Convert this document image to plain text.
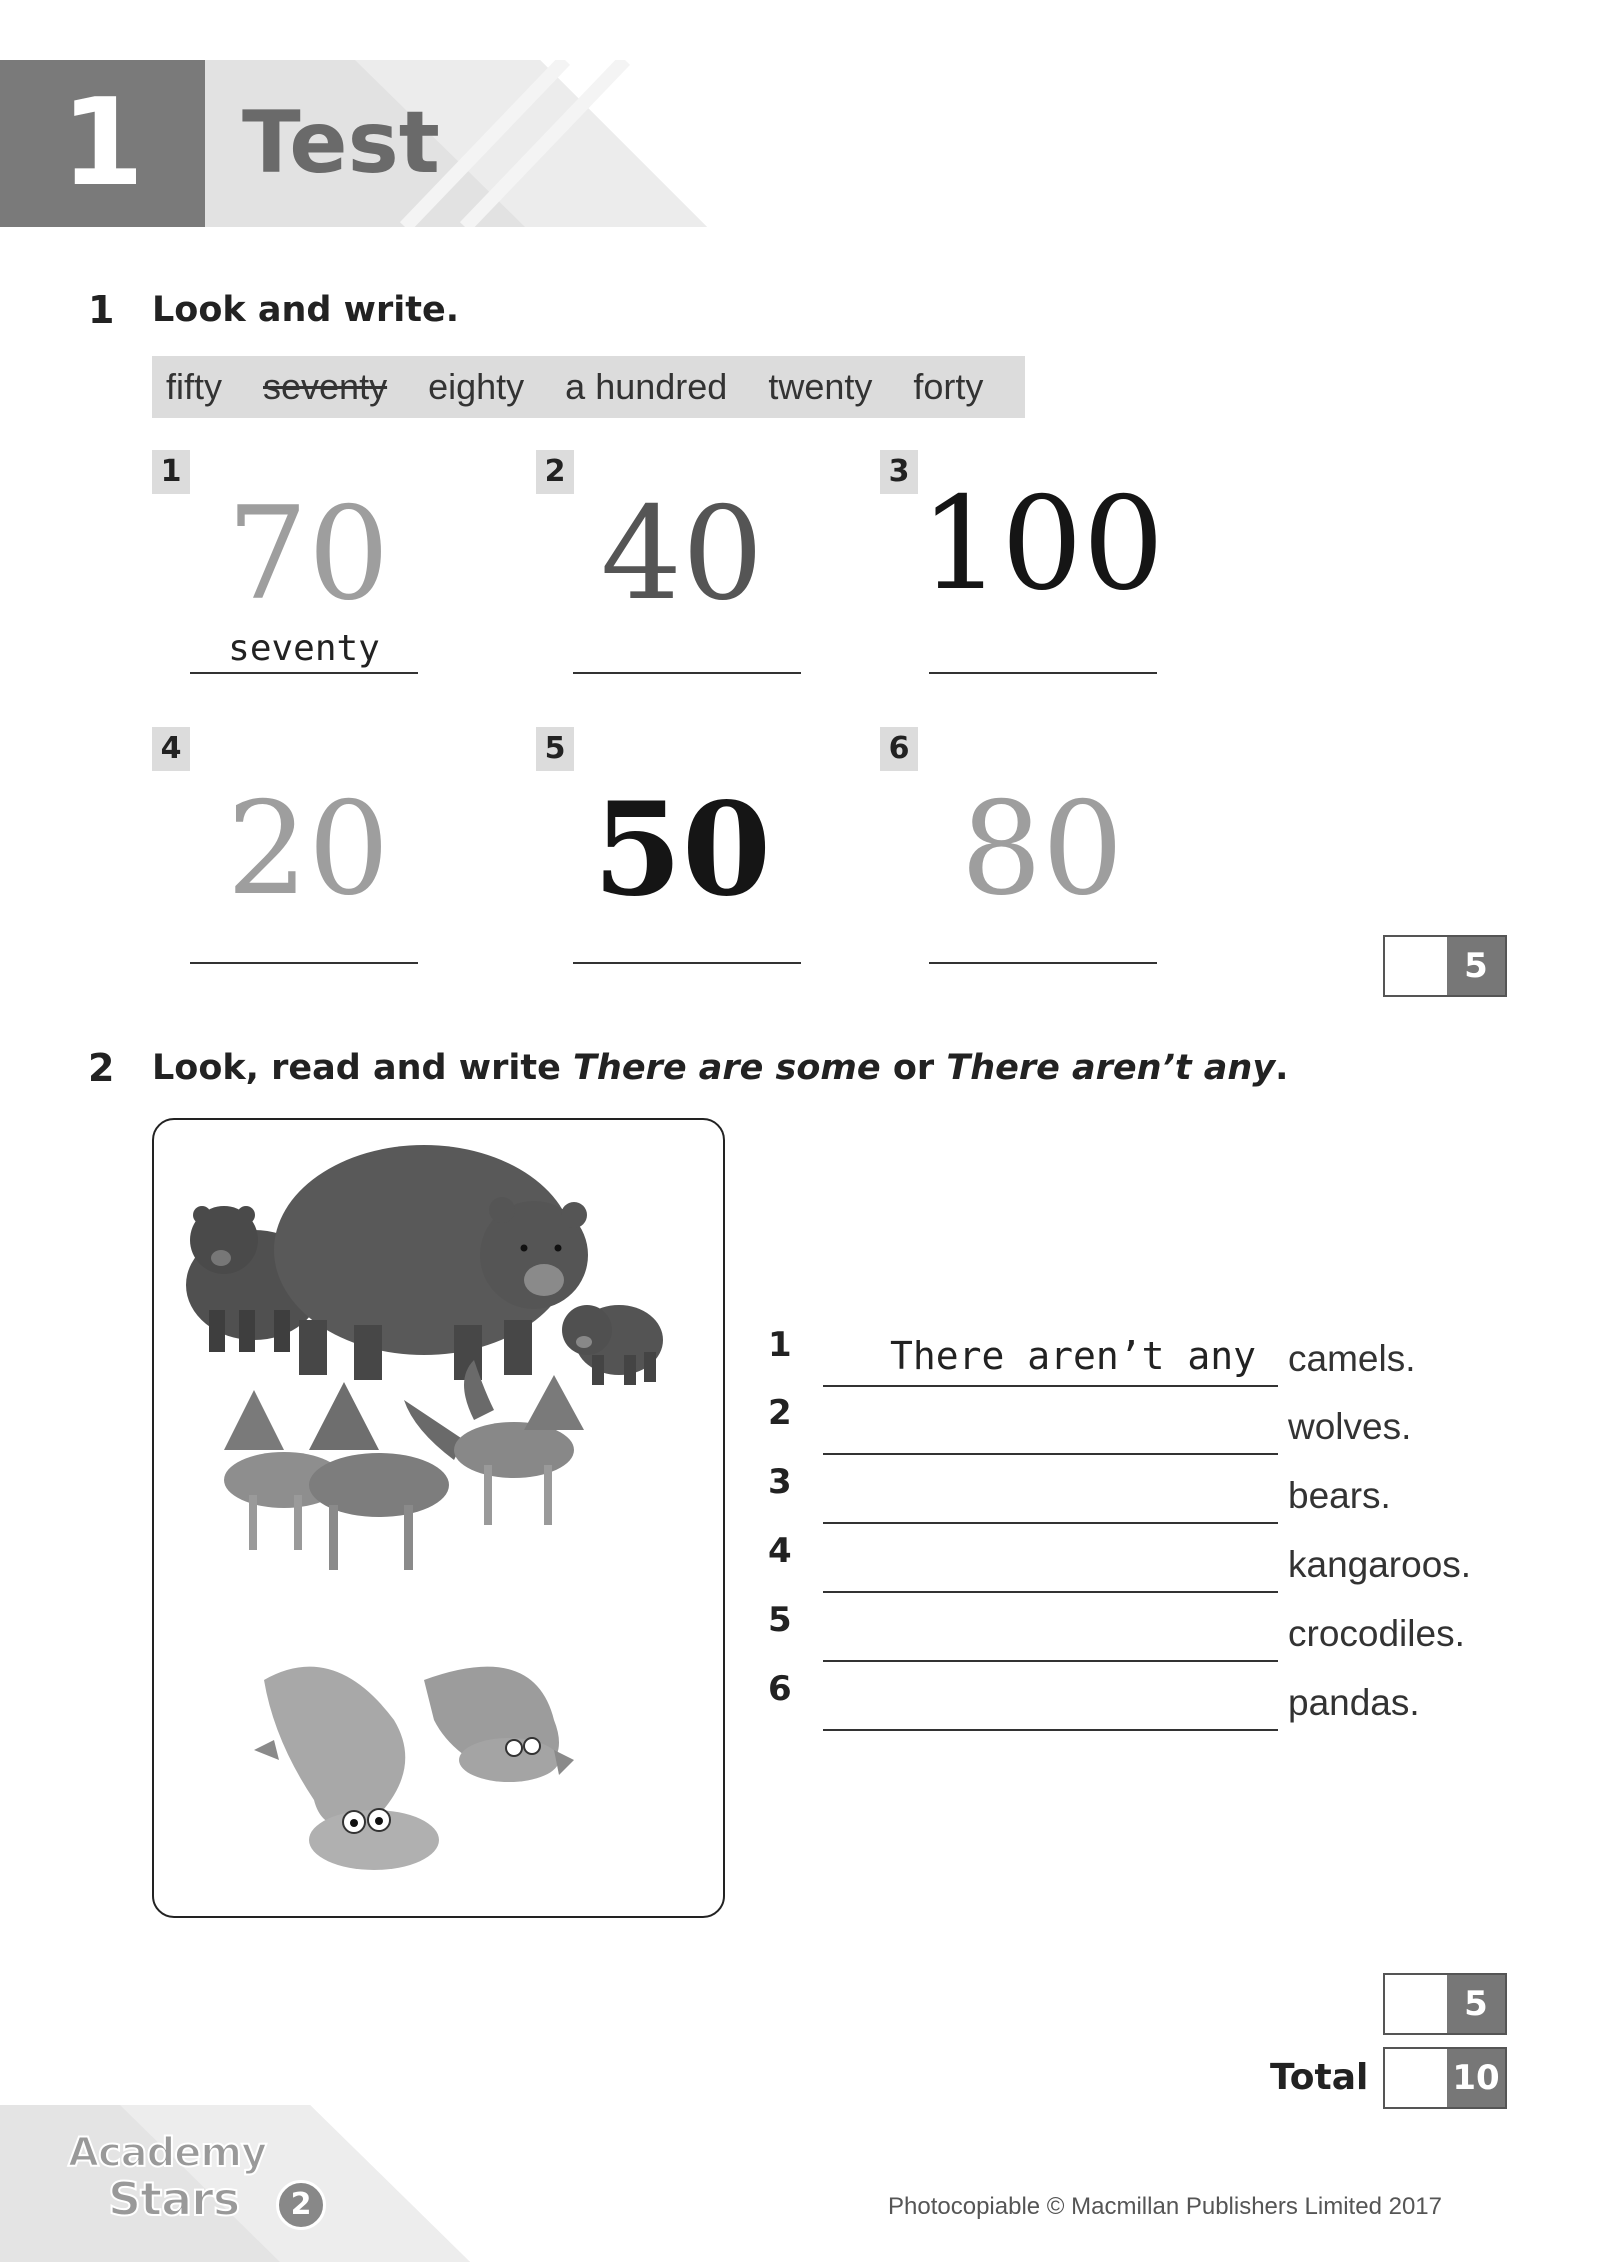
1	Test
1 Look and write.
fifty seventy eighty a hundred twenty forty
1
70
seventy
2
40
3 100
4
20
5
50
6
80
5
2 Look, read and write There are some or There aren’t any.
1	There aren’t any camels.
2	wolves.
3	bears.
4	kangaroos.
5	crocodiles.
6	pandas.
5
Total 10
Academy
Stars	2	Photocopiable © Macmillan Publishers Limited 2017
